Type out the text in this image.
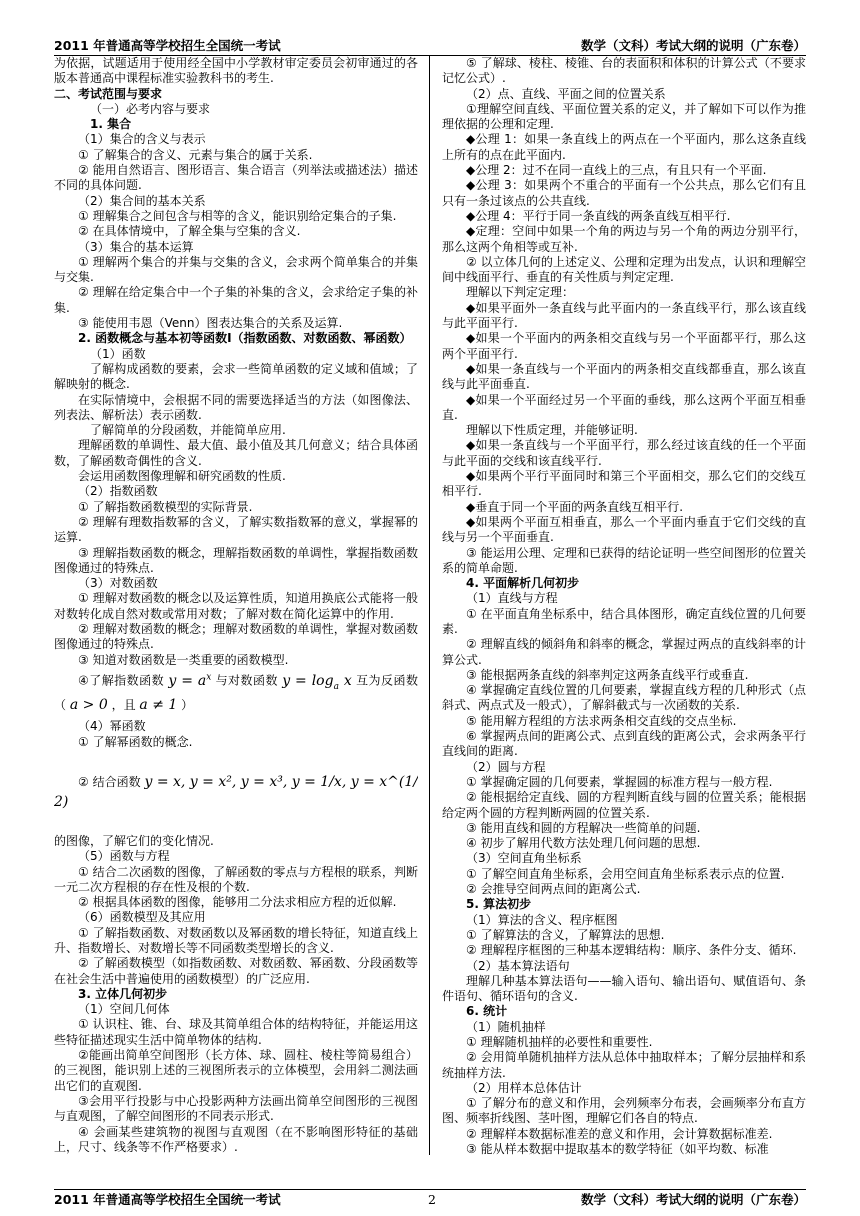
2011 年普通高等学校招生全国统一考试	数学（文科）考试大纲的说明（广东卷）

为依据，试题适用于使用经全国中小学教材审定委员会初审通过的各版本普通高中课程标准实验教科书的考生.

二、考试范围与要求

（一）必考内容与要求

1. 集合

（1）集合的含义与表示

① 了解集合的含义、元素与集合的属于关系.

② 能用自然语言、图形语言、集合语言（列举法或描述法）描述不同的具体问题.

（2）集合间的基本关系

① 理解集合之间包含与相等的含义，能识别给定集合的子集.

② 在具体情境中，了解全集与空集的含义.

（3）集合的基本运算

① 理解两个集合的并集与交集的含义，会求两个简单集合的并集与交集.

② 理解在给定集合中一个子集的补集的含义，会求给定子集的补集.

③ 能使用韦恩（Venn）图表达集合的关系及运算.

2. 函数概念与基本初等函数Ⅰ（指数函数、对数函数、幂函数）

（1）函数

了解构成函数的要素，会求一些简单函数的定义域和值域；了解映射的概念.

在实际情境中，会根据不同的需要选择适当的方法（如图像法、列表法、解析法）表示函数.

了解简单的分段函数，并能简单应用.

理解函数的单调性、最大值、最小值及其几何意义；结合具体函数，了解函数奇偶性的含义.

会运用函数图像理解和研究函数的性质.

（2）指数函数

① 了解指数函数模型的实际背景.

② 理解有理数指数幂的含义，了解实数指数幂的意义，掌握幂的运算.

③ 理解指数函数的概念，理解指数函数的单调性，掌握指数函数图像通过的特殊点.

（3）对数函数

① 理解对数函数的概念以及运算性质，知道用换底公式能将一般对数转化成自然对数或常用对数；了解对数在简化运算中的作用.

② 理解对数函数的概念；理解对数函数的单调性，掌握对数函数图像通过的特殊点.

③ 知道对数函数是一类重要的函数模型.

④了解指数函数 $y = a^x$ 与对数函数 $y = \log_a x$ 互为反函数（ a > 0 ，且 a ≠ 1 ）

（4）幂函数

① 了解幂函数的概念.

② 结合函数 y = x, y = x², y = x³, y = 1/x, y = x^(1/2)

的图像，了解它们的变化情况.

（5）函数与方程

① 结合二次函数的图像，了解函数的零点与方程根的联系，判断一元二次方程根的存在性及根的个数.

② 根据具体函数的图像，能够用二分法求相应方程的近似解.

（6）函数模型及其应用

① 了解指数函数、对数函数以及幂函数的增长特征，知道直线上升、指数增长、对数增长等不同函数类型增长的含义.

② 了解函数模型（如指数函数、对数函数、幂函数、分段函数等在社会生活中普遍使用的函数模型）的广泛应用.

3. 立体几何初步

（1）空间几何体

① 认识柱、锥、台、球及其简单组合体的结构特征，并能运用这些特征描述现实生活中简单物体的结构.

②能画出简单空间图形（长方体、球、圆柱、棱柱等简易组合）的三视图，能识别上述的三视图所表示的立体模型，会用斜二测法画出它们的直观图.

③会用平行投影与中心投影两种方法画出简单空间图形的三视图与直观图，了解空间图形的不同表示形式.

④ 会画某些建筑物的视图与直观图（在不影响图形特征的基础上，尺寸、线条等不作严格要求）.

⑤ 了解球、棱柱、棱锥、台的表面积和体积的计算公式（不要求记忆公式）.

（2）点、直线、平面之间的位置关系

①理解空间直线、平面位置关系的定义，并了解如下可以作为推理依据的公理和定理.

◆公理 1：如果一条直线上的两点在一个平面内，那么这条直线上所有的点在此平面内.

◆公理 2：过不在同一直线上的三点，有且只有一个平面.

◆公理 3：如果两个不重合的平面有一个公共点，那么它们有且只有一条过该点的公共直线.

◆公理 4：平行于同一条直线的两条直线互相平行.

◆定理：空间中如果一个角的两边与另一个角的两边分别平行，那么这两个角相等或互补.

② 以立体几何的上述定义、公理和定理为出发点，认识和理解空间中线面平行、垂直的有关性质与判定定理.

理解以下判定定理：

◆如果平面外一条直线与此平面内的一条直线平行，那么该直线与此平面平行.

◆如果一个平面内的两条相交直线与另一个平面都平行，那么这两个平面平行.

◆如果一条直线与一个平面内的两条相交直线都垂直，那么该直线与此平面垂直.

◆如果一个平面经过另一个平面的垂线，那么这两个平面互相垂直.

理解以下性质定理，并能够证明.

◆如果一条直线与一个平面平行，那么经过该直线的任一个平面与此平面的交线和该直线平行.

◆如果两个平行平面同时和第三个平面相交，那么它们的交线互相平行.

◆垂直于同一个平面的两条直线互相平行.

◆如果两个平面互相垂直，那么一个平面内垂直于它们交线的直线与另一个平面垂直.

③ 能运用公理、定理和已获得的结论证明一些空间图形的位置关系的简单命题.

4. 平面解析几何初步

（1）直线与方程

① 在平面直角坐标系中，结合具体图形，确定直线位置的几何要素.

② 理解直线的倾斜角和斜率的概念，掌握过两点的直线斜率的计算公式.

③ 能根据两条直线的斜率判定这两条直线平行或垂直.

④ 掌握确定直线位置的几何要素，掌握直线方程的几种形式（点斜式、两点式及一般式），了解斜截式与一次函数的关系.

⑤ 能用解方程组的方法求两条相交直线的交点坐标.

⑥ 掌握两点间的距离公式、点到直线的距离公式，会求两条平行直线间的距离.

（2）圆与方程

① 掌握确定圆的几何要素，掌握圆的标准方程与一般方程.

② 能根据给定直线、圆的方程判断直线与圆的位置关系；能根据给定两个圆的方程判断两圆的位置关系.

③ 能用直线和圆的方程解决一些简单的问题.

④ 初步了解用代数方法处理几何问题的思想.

（3）空间直角坐标系

① 了解空间直角坐标系，会用空间直角坐标系表示点的位置.

② 会推导空间两点间的距离公式.

5. 算法初步

（1）算法的含义、程序框图

① 了解算法的含义，了解算法的思想.

② 理解程序框图的三种基本逻辑结构：顺序、条件分支、循环.

（2）基本算法语句

理解几种基本算法语句——输入语句、输出语句、赋值语句、条件语句、循环语句的含义.

6. 统计

（1）随机抽样

① 理解随机抽样的必要性和重要性.

② 会用简单随机抽样方法从总体中抽取样本；了解分层抽样和系统抽样方法.

（2）用样本总体估计

① 了解分布的意义和作用，会列频率分布表，会画频率分布直方图、频率折线图、茎叶图，理解它们各自的特点.

② 理解样本数据标准差的意义和作用，会计算数据标准差.

③ 能从样本数据中提取基本的数学特征（如平均数、标准

2011 年普通高等学校招生全国统一考试	2	数学（文科）考试大纲的说明（广东卷）
